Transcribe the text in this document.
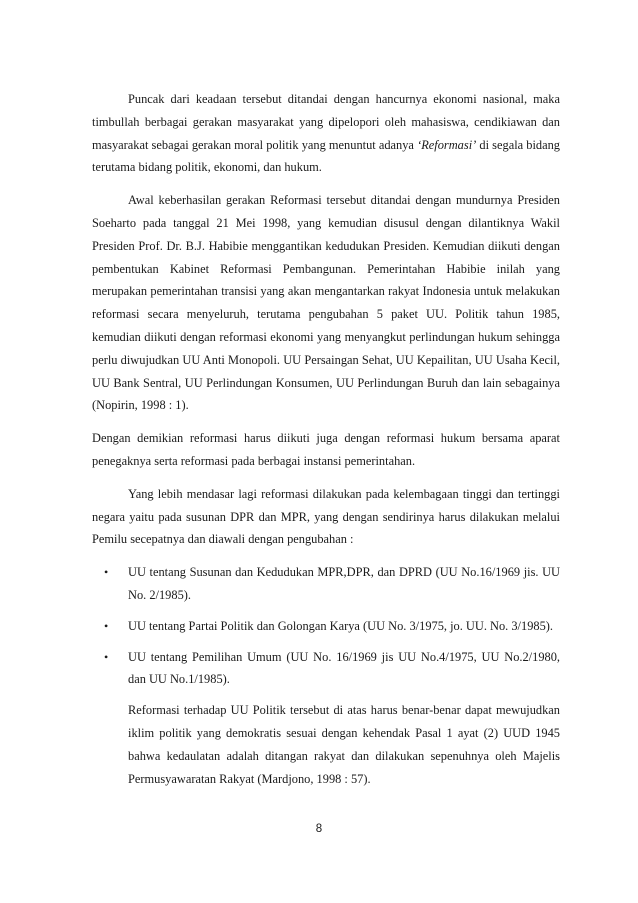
Puncak dari keadaan tersebut ditandai dengan hancurnya ekonomi nasional, maka timbullah berbagai gerakan masyarakat yang dipelopori oleh mahasiswa, cendikiawan dan masyarakat sebagai gerakan moral politik yang menuntut adanya ‘Reformasi’ di segala bidang terutama bidang politik, ekonomi, dan hukum.

Awal keberhasilan gerakan Reformasi tersebut ditandai dengan mundurnya Presiden Soeharto pada tanggal 21 Mei 1998, yang kemudian disusul dengan dilantiknya Wakil Presiden Prof. Dr. B.J. Habibie menggantikan kedudukan Presiden. Kemudian diikuti dengan pembentukan Kabinet Reformasi Pembangunan. Pemerintahan Habibie inilah yang merupakan pemerintahan transisi yang akan mengantarkan rakyat Indonesia untuk melakukan reformasi secara menyeluruh, terutama pengubahan 5 paket UU. Politik tahun 1985, kemudian diikuti dengan reformasi ekonomi yang menyangkut perlindungan hukum sehingga perlu diwujudkan UU Anti Monopoli. UU Persaingan Sehat, UU Kepailitan, UU Usaha Kecil, UU Bank Sentral, UU Perlindungan Konsumen, UU Perlindungan Buruh dan lain sebagainya (Nopirin, 1998 : 1).

Dengan demikian reformasi harus diikuti juga dengan reformasi hukum bersama aparat penegaknya serta reformasi pada berbagai instansi pemerintahan.

Yang lebih mendasar lagi reformasi dilakukan pada kelembagaan tinggi dan tertinggi negara yaitu pada susunan DPR dan MPR, yang dengan sendirinya harus dilakukan melalui Pemilu secepatnya dan diawali dengan pengubahan :

• UU tentang Susunan dan Kedudukan MPR,DPR, dan DPRD (UU No.16/1969 jis. UU No. 2/1985).
• UU tentang Partai Politik dan Golongan Karya (UU No. 3/1975, jo. UU. No. 3/1985).
• UU tentang Pemilihan Umum (UU No. 16/1969 jis UU No.4/1975, UU No.2/1980, dan UU No.1/1985).

Reformasi terhadap UU Politik tersebut di atas harus benar-benar dapat mewujudkan iklim politik yang demokratis sesuai dengan kehendak Pasal 1 ayat (2) UUD 1945 bahwa kedaulatan adalah ditangan rakyat dan dilakukan sepenuhnya oleh Majelis Permusyawaratan Rakyat (Mardjono, 1998 : 57).

8
